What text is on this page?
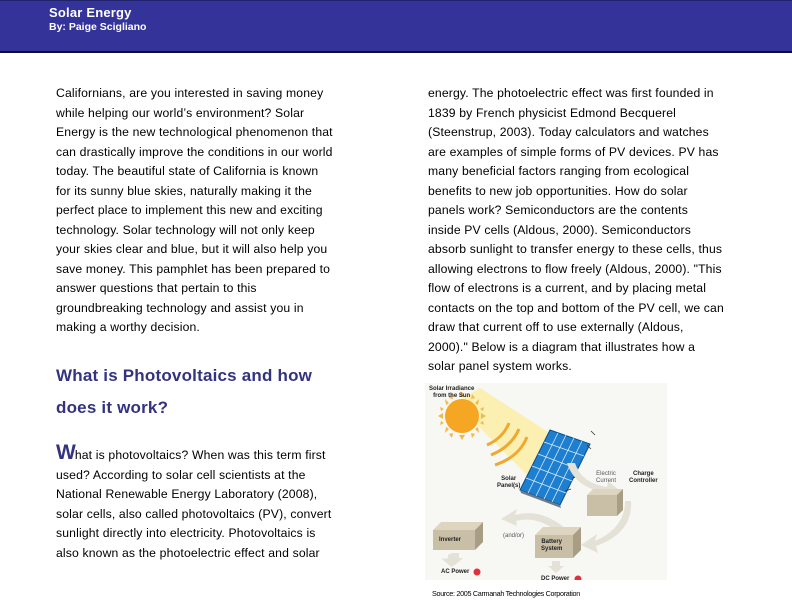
Solar Energy
By: Paige Scigliano
Californians, are you interested in saving money
while helping our world’s environment? Solar
Energy is the new technological phenomenon that
can drastically improve the conditions in our world
today. The beautiful state of California is known
for its sunny blue skies, naturally making it the
perfect place to implement this new and exciting
technology. Solar technology will not only keep
your skies clear and blue, but it will also help you
save money. This pamphlet has been prepared to
answer questions that pertain to this
groundbreaking technology and assist you in
making a worthy decision.
What is Photovoltaics and how
does it work?
What is photovoltaics? When was this term first
used? According to solar cell scientists at the
National Renewable Energy Laboratory (2008),
solar cells, also called photovoltaics (PV), convert
sunlight directly into electricity. Photovoltaics is
also known as the photoelectric effect and solar
energy. The photoelectric effect was first founded in
1839 by French physicist Edmond Becquerel
(Steenstrup, 2003). Today calculators and watches
are examples of simple forms of PV devices. PV has
many beneficial factors ranging from ecological
benefits to new job opportunities. How do solar
panels work? Semiconductors are the contents
inside PV cells (Aldous, 2000). Semiconductors
absorb sunlight to transfer energy to these cells, thus
allowing electrons to flow freely (Aldous, 2000). "This
flow of electrons is a current, and by placing metal
contacts on the top and bottom of the PV cell, we can
draw that current off to use externally (Aldous,
2000)." Below is a diagram that illustrates how a
solar panel system works.
Solar Irradiance
from the Sun
Solar
Panel(s)
Electric
Current
Charge
Controller
Inverter
(and/or)
Battery
System
AC Power
DC Power
Source: 2005 Carmanah Technologies Corporation
